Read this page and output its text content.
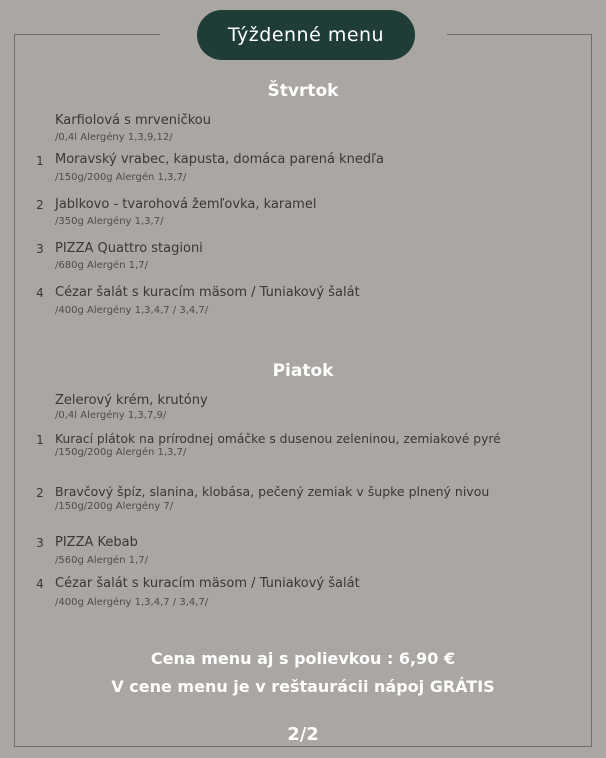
Týždenné menu
Štvrtok
Karfiolová s mrveničkou
/0,4l Alergény 1,3,9,12/
1 Moravský vrabec, kapusta, domáca parená knedľa
/150g/200g Alergén 1,3,7/
2 Jablkovo - tvarohová žemľovka, karamel
/350g Alergény 1,3,7/
3 PIZZA Quattro stagioni
/680g Alergén 1,7/
4 Cézar šalát s kuracím mäsom / Tuniakový šalát
/400g Alergény 1,3,4,7 / 3,4,7/
Piatok
Zelerový krém, krutóny
/0,4l Alergény 1,3,7,9/
1 Kurací plátok na prírodnej omáčke s dusenou zeleninou, zemiakové pyré
/150g/200g Alergén 1,3,7/
2 Bravčový špíz, slanina, klobása, pečený zemiak v šupke plnený nivou
/150g/200g Alergény 7/
3 PIZZA Kebab
/560g Alergén 1,7/
4 Cézar šalát s kuracím mäsom / Tuniakový šalát
/400g Alergény 1,3,4,7 / 3,4,7/
Cena menu aj s polievkou : 6,90 €
V cene menu je v reštaurácii nápoj GRÁTIS
2/2
